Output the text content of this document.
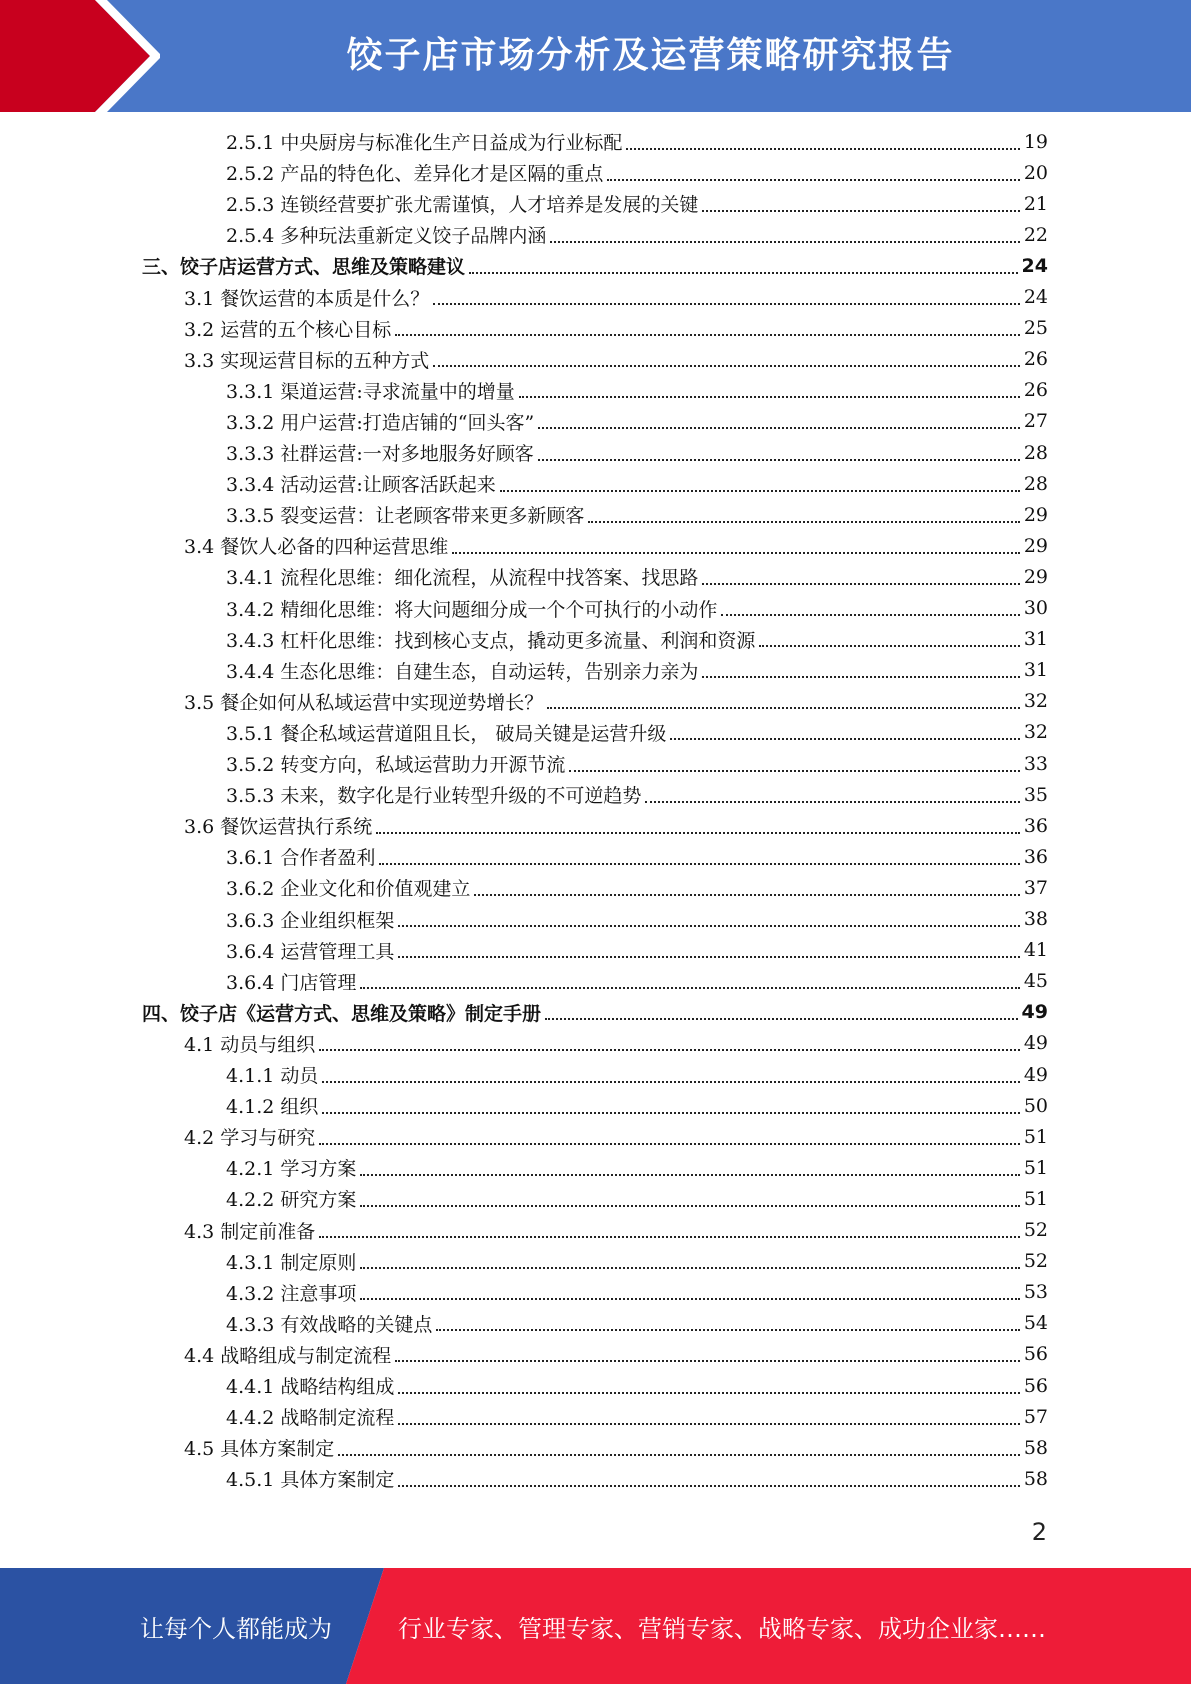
饺子店市场分析及运营策略研究报告
2.5.1 中央厨房与标准化生产日益成为行业标配	19
2.5.2 产品的特色化、差异化才是区隔的重点	20
2.5.3 连锁经营要扩张尤需谨慎，人才培养是发展的关键	21
2.5.4 多种玩法重新定义饺子品牌内涵	22
三、饺子店运营方式、思维及策略建议	24
3.1 餐饮运营的本质是什么？	24
3.2 运营的五个核心目标	25
3.3 实现运营目标的五种方式	26
3.3.1 渠道运营:寻求流量中的增量	26
3.3.2 用户运营:打造店铺的“回头客”	27
3.3.3 社群运营:一对多地服务好顾客	28
3.3.4 活动运营:让顾客活跃起来	28
3.3.5 裂变运营：让老顾客带来更多新顾客	29
3.4 餐饮人必备的四种运营思维	29
3.4.1 流程化思维：细化流程，从流程中找答案、找思路	29
3.4.2 精细化思维：将大问题细分成一个个可执行的小动作	30
3.4.3 杠杆化思维：找到核心支点，撬动更多流量、利润和资源	31
3.4.4 生态化思维：自建生态，自动运转，告别亲力亲为	31
3.5 餐企如何从私域运营中实现逆势增长？	32
3.5.1 餐企私域运营道阻且长， 破局关键是运营升级	32
3.5.2 转变方向，私域运营助力开源节流	33
3.5.3 未来，数字化是行业转型升级的不可逆趋势	35
3.6 餐饮运营执行系统	36
3.6.1 合作者盈利	36
3.6.2 企业文化和价值观建立	37
3.6.3 企业组织框架	38
3.6.4 运营管理工具	41
3.6.4 门店管理	45
四、饺子店《运营方式、思维及策略》制定手册	49
4.1 动员与组织	49
4.1.1 动员	49
4.1.2 组织	50
4.2 学习与研究	51
4.2.1 学习方案	51
4.2.2 研究方案	51
4.3 制定前准备	52
4.3.1 制定原则	52
4.3.2 注意事项	53
4.3.3 有效战略的关键点	54
4.4 战略组成与制定流程	56
4.4.1 战略结构组成	56
4.4.2 战略制定流程	57
4.5 具体方案制定	58
4.5.1 具体方案制定	58
2
让每个人都能成为	行业专家、管理专家、营销专家、战略专家、成功企业家……
